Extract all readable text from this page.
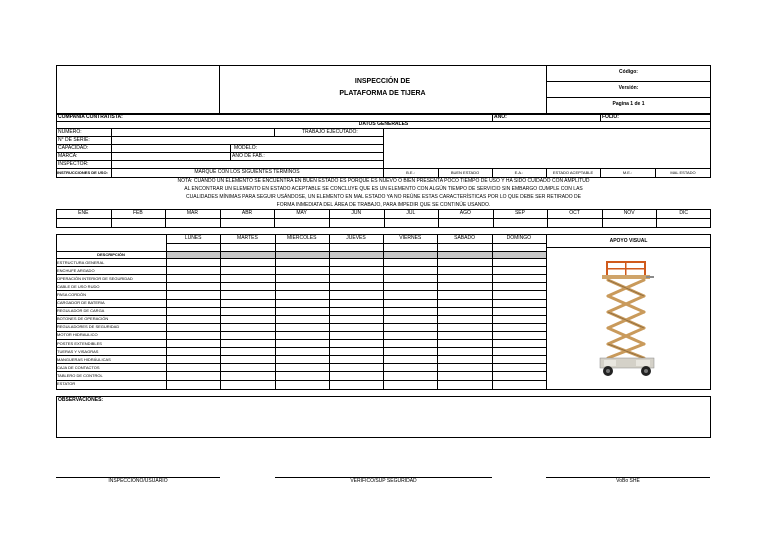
INSPECCIÓN DE
PLATAFORMA DE TIJERA
Código:
Versión:
Pagina 1 de 1
COMPAÑIA CONTRATISTA:	AÑO:	FOLIO:
DATOS GENERALES
NUMERO:	TRABAJO EJECUTADO:
N° DE SERIE:
CAPACIDAD:	MODELO:
MARCA:	AÑO DE FAB.:
INSPECTOR:
INSTRUCCIONES DE USO:	MARQUE CON LOS SIGUIENTES TERMINOS	B.E.:	BUEN ESTADO	E.A.:	ESTADO ACEPTABLE	M.E.:	MAL ESTADO
NOTA: CUANDO UN ELEMENTO SE ENCUENTRA EN BUEN ESTADO ES PORQUE ES NUEVO O BIEN PRESENTA POCO TIEMPO DE USO Y HA SIDO CUIDADO CON AMPLITUD
AL ENCONTRAR UN ELEMENTO EN ESTADO ACEPTABLE SE CONCLUYE QUE ES UN ELEMENTO CON ALGÚN TIEMPO DE SERVICIO SIN EMBARGO CUMPLE CON LAS
CUALIDADES MÍNIMAS PARA SEGUIR USÁNDOSE, UN ELEMENTO EN MAL ESTADO YA NO REÚNE ESTAS CARACTERÍSTICAS POR LO QUE DEBE SER RETIRADO DE
FORMA INMEDIATA DEL ÁREA DE TRABAJO, PARA IMPEDIR QUE SE CONTINÚE USANDO.
ENE	FEB	MAR	ABR	MAY	JUN	JUL	AGO	SEP	OCT	NOV	DIC
APOYO VISUAL
DESCRIPCIÓN
LUNES	MARTES	MIÉRCOLES	JUEVES	VIERNES	SÁBADO	DOMINGO
ESTRUCTURA GENERAL
ENCHUFE ARGADO
OPERACIÓN INTERIOR DE SEGURIDAD
CABLE DE USO RUDO
PASA CORDÓN
CARGADOR DE BATERIA
REGULADOR DE CARGA
BOTONES DE OPERACIÓN
REGULADORES DE SEGURIDAD
MOTOR HIDRAULICO
POSTES EXTENDIBLES
TUERAS Y VISAGRAS
MANGUERAS HIDRÁULICAS
CAJA DE CONTACTOS
TABLERO DE CONTROL
ESTATOR
OBSERVACIONES:
INSPECCIONÓ/USUARIO	VERIFICÓ/SUP SEGURIDAD	VoBo SHE
